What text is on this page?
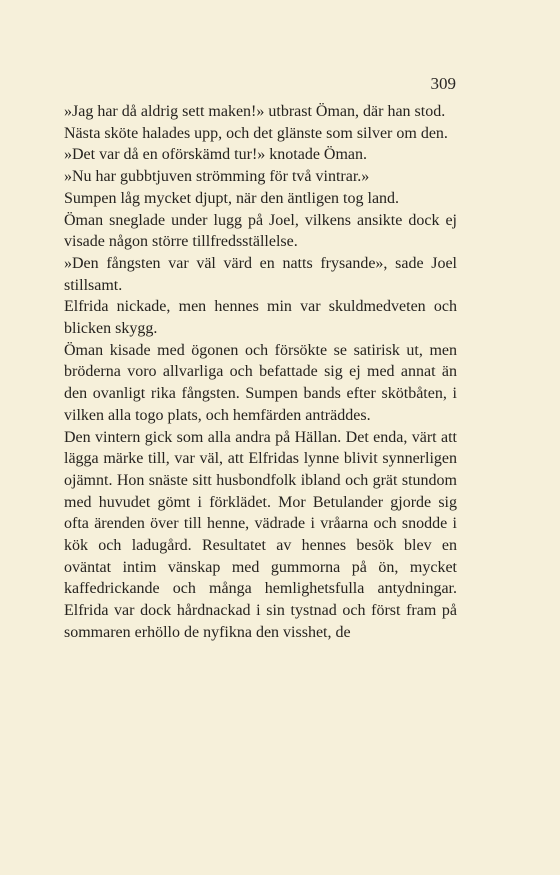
309

»Jag har då aldrig sett maken!» utbrast Öman, där han stod.

Nästa sköte halades upp, och det glänste som silver om den.

»Det var då en oförskämd tur!» knotade Öman.

»Nu har gubbtjuven strömming för två vintrar.»

Sumpen låg mycket djupt, när den äntligen tog land.

Öman sneglade under lugg på Joel, vilkens ansikte dock ej visade någon större tillfredsställelse.

»Den fångsten var väl värd en natts frysande», sade Joel stillsamt.

Elfrida nickade, men hennes min var skuldmedveten och blicken skygg.

Öman kisade med ögonen och försökte se satirisk ut, men bröderna voro allvarliga och befattade sig ej med annat än den ovanligt rika fångsten. Sumpen bands efter skötbåten, i vilken alla togo plats, och hemfärden anträddes.

Den vintern gick som alla andra på Hällan. Det enda, värt att lägga märke till, var väl, att Elfridas lynne blivit synnerligen ojämnt. Hon snäste sitt husbondfolk ibland och grät stundom med huvudet gömt i förklädet. Mor Betulander gjorde sig ofta ärenden över till henne, vädrade i vråarna och snodde i kök och ladugård. Resultatet av hennes besök blev en oväntat intim vänskap med gummorna på ön, mycket kaffedrickande och många hemlighetsfulla antydningar. Elfrida var dock hårdnackad i sin tystnad och först fram på sommaren erhöllo de nyfikna den visshet, de
